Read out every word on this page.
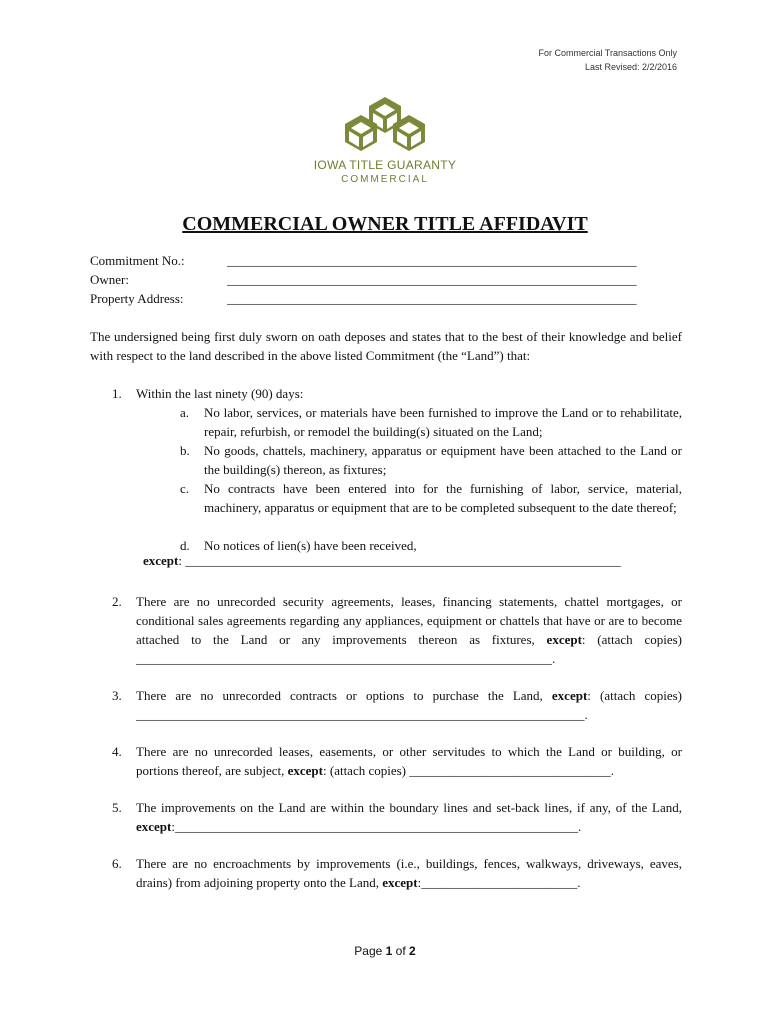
For Commercial Transactions Only
Last Revised: 2/2/2016
IOWA TITLE GUARANTY
COMMERCIAL
COMMERCIAL OWNER TITLE AFFIDAVIT
Commitment No.:	_______________________________________________________________
Owner:	_______________________________________________________________
Property Address:	_______________________________________________________________
The undersigned being first duly sworn on oath deposes and states that to the best of their knowledge and belief with respect to the land described in the above listed Commitment (the “Land”) that:
1. Within the last ninety (90) days:
a. No labor, services, or materials have been furnished to improve the Land or to rehabilitate, repair, refurbish, or remodel the building(s) situated on the Land;
b. No goods, chattels, machinery, apparatus or equipment have been attached to the Land or the building(s) thereon, as fixtures;
c. No contracts have been entered into for the furnishing of labor, service, material, machinery, apparatus or equipment that are to be completed subsequent to the date thereof;
d. No notices of lien(s) have been received,
except: ___________________________________________________________________
2. There are no unrecorded security agreements, leases, financing statements, chattel mortgages, or conditional sales agreements regarding any appliances, equipment or chattels that have or are to become attached to the Land or any improvements thereon as fixtures, except: (attach copies) ________________________________________________________________.
3. There are no unrecorded contracts or options to purchase the Land, except: (attach copies) _____________________________________________________________________.
4. There are no unrecorded leases, easements, or other servitudes to which the Land or building, or portions thereof, are subject, except: (attach copies) _______________________________.
5. The improvements on the Land are within the boundary lines and set-back lines, if any, of the Land, except:______________________________________________________________.
6. There are no encroachments by improvements (i.e., buildings, fences, walkways, driveways, eaves, drains) from adjoining property onto the Land, except:________________________.
Page 1 of 2
